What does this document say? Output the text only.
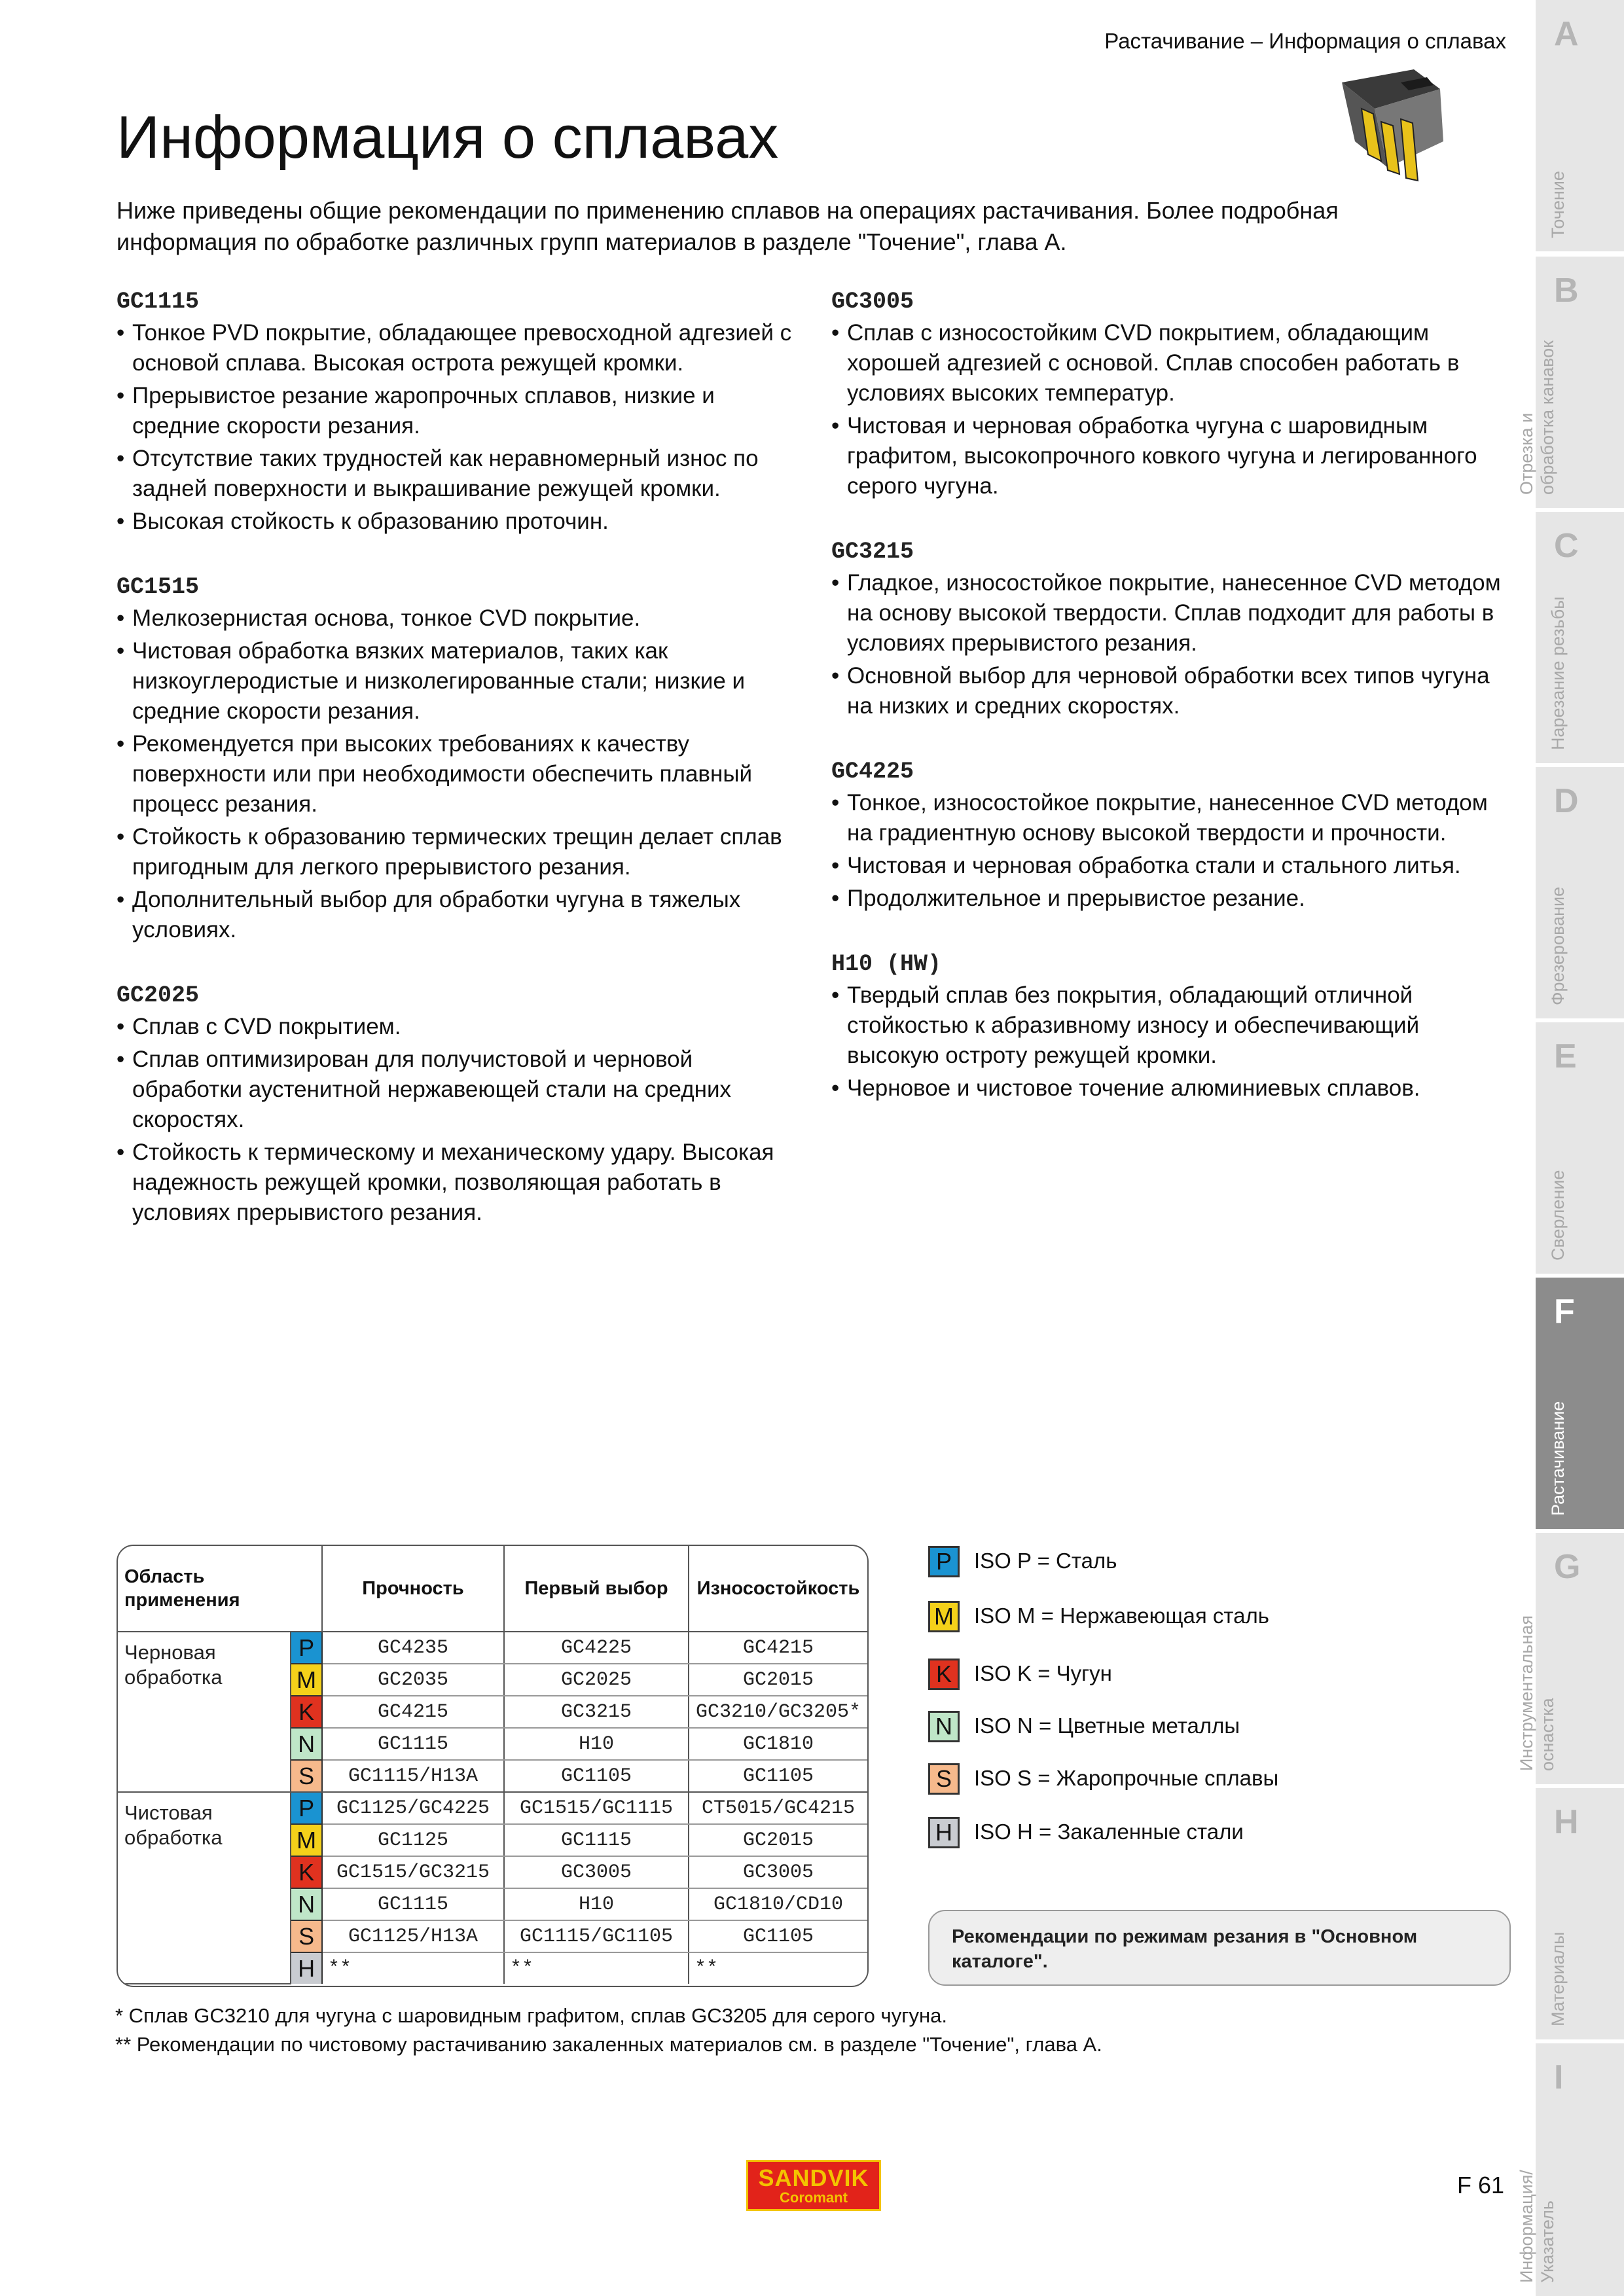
Растачивание – Информация о сплавах
Информация о сплавах

Ниже приведены общие рекомендации по применению сплавов на операциях растачивания. Более подробная информация по обработке различных групп материалов в разделе "Точение", глава А.

GC1115
• Тонкое PVD покрытие, обладающее превосходной адгезией с основой сплава. Высокая острота режущей кромки.
• Прерывистое резание жаропрочных сплавов, низкие и средние скорости резания.
• Отсутствие таких трудностей как неравномерный износ по задней поверхности и выкрашивание режущей кромки.
• Высокая стойкость к образованию проточин.
GC1515
• Мелкозернистая основа, тонкое CVD покрытие.
• Чистовая обработка вязких материалов, таких как низкоуглеродистые и низколегированные стали; низкие и средние скорости резания.
• Рекомендуется при высоких требованиях к качеству поверхности или при необходимости обеспечить плавный процесс резания.
• Стойкость к образованию термических трещин делает сплав пригодным для легкого прерывистого резания.
• Дополнительный выбор для обработки чугуна в тяжелых условиях.
GC2025
• Сплав с CVD покрытием.
• Сплав оптимизирован для получистовой и черновой обработки аустенитной нержавеющей стали на средних скоростях.
• Стойкость к термическому и механическому удару. Высокая надежность режущей кромки, позволяющая работать в условиях прерывистого резания.
GC3005
• Сплав с износостойким CVD покрытием, обладающим хорошей адгезией с основой. Сплав способен работать в условиях высоких температур.
• Чистовая и черновая обработка чугуна с шаровидным графитом, высокопрочного ковкого чугуна и легированного серого чугуна.
GC3215
• Гладкое, износостойкое покрытие, нанесенное CVD методом на основу высокой твердости. Сплав подходит для работы в условиях прерывистого резания.
• Основной выбор для черновой обработки всех типов чугуна на низких и средних скоростях.
GC4225
• Тонкое, износостойкое покрытие, нанесенное CVD методом на градиентную основу высокой твердости и прочности.
• Чистовая и черновая обработка стали и стального литья.
• Продолжительное и прерывистое резание.
H10 (HW)
• Твердый сплав без покрытия, обладающий отличной стойкостью к абразивному износу и обеспечивающий высокую остроту режущей кромки.
• Черновое и чистовое точение алюминиевых сплавов.
Область применения		Прочность	Первый выбор	Износостойкость
Черновая обработка	P	GC4235	GC4225	GC4215
	M	GC2035	GC2025	GC2015
	K	GC4215	GC3215	GC3210/GC3205*
	N	GC1115	H10	GC1810
	S	GC1115/H13A	GC1105	GC1105
Чистовая обработка	P	GC1125/GC4225	GC1515/GC1115	CT5015/GC4215
	M	GC1125	GC1115	GC2015
	K	GC1515/GC3215	GC3005	GC3005
	N	GC1115	H10	GC1810/CD10
	S	GC1125/H13A	GC1115/GC1105	GC1105
	H	**	**	**
P	ISO P = Сталь
M ISO M = Нержавеющая сталь
K	ISO K = Чугун
N	ISO N = Цветные металлы
S	ISO S = Жаропрочные сплавы
H	ISO H = Закаленные стали
Рекомендации по режимам резания в "Основном каталоге".
* Сплав GC3210 для чугуна с шаровидным графитом, сплав GC3205 для серого чугуна.
** Рекомендации по чистовому растачиванию закаленных материалов см. в разделе "Точение", глава А.
SANDVIK
Coromant	F 61
A
Точение
B
Отрезка и
обработка канавок
C
Нарезание резьбы
D
Фрезерование
E
Сверление
F
Растачивание
G
Инструментальная
оснастка
H
Материалы
I
Информация/
Указатель
